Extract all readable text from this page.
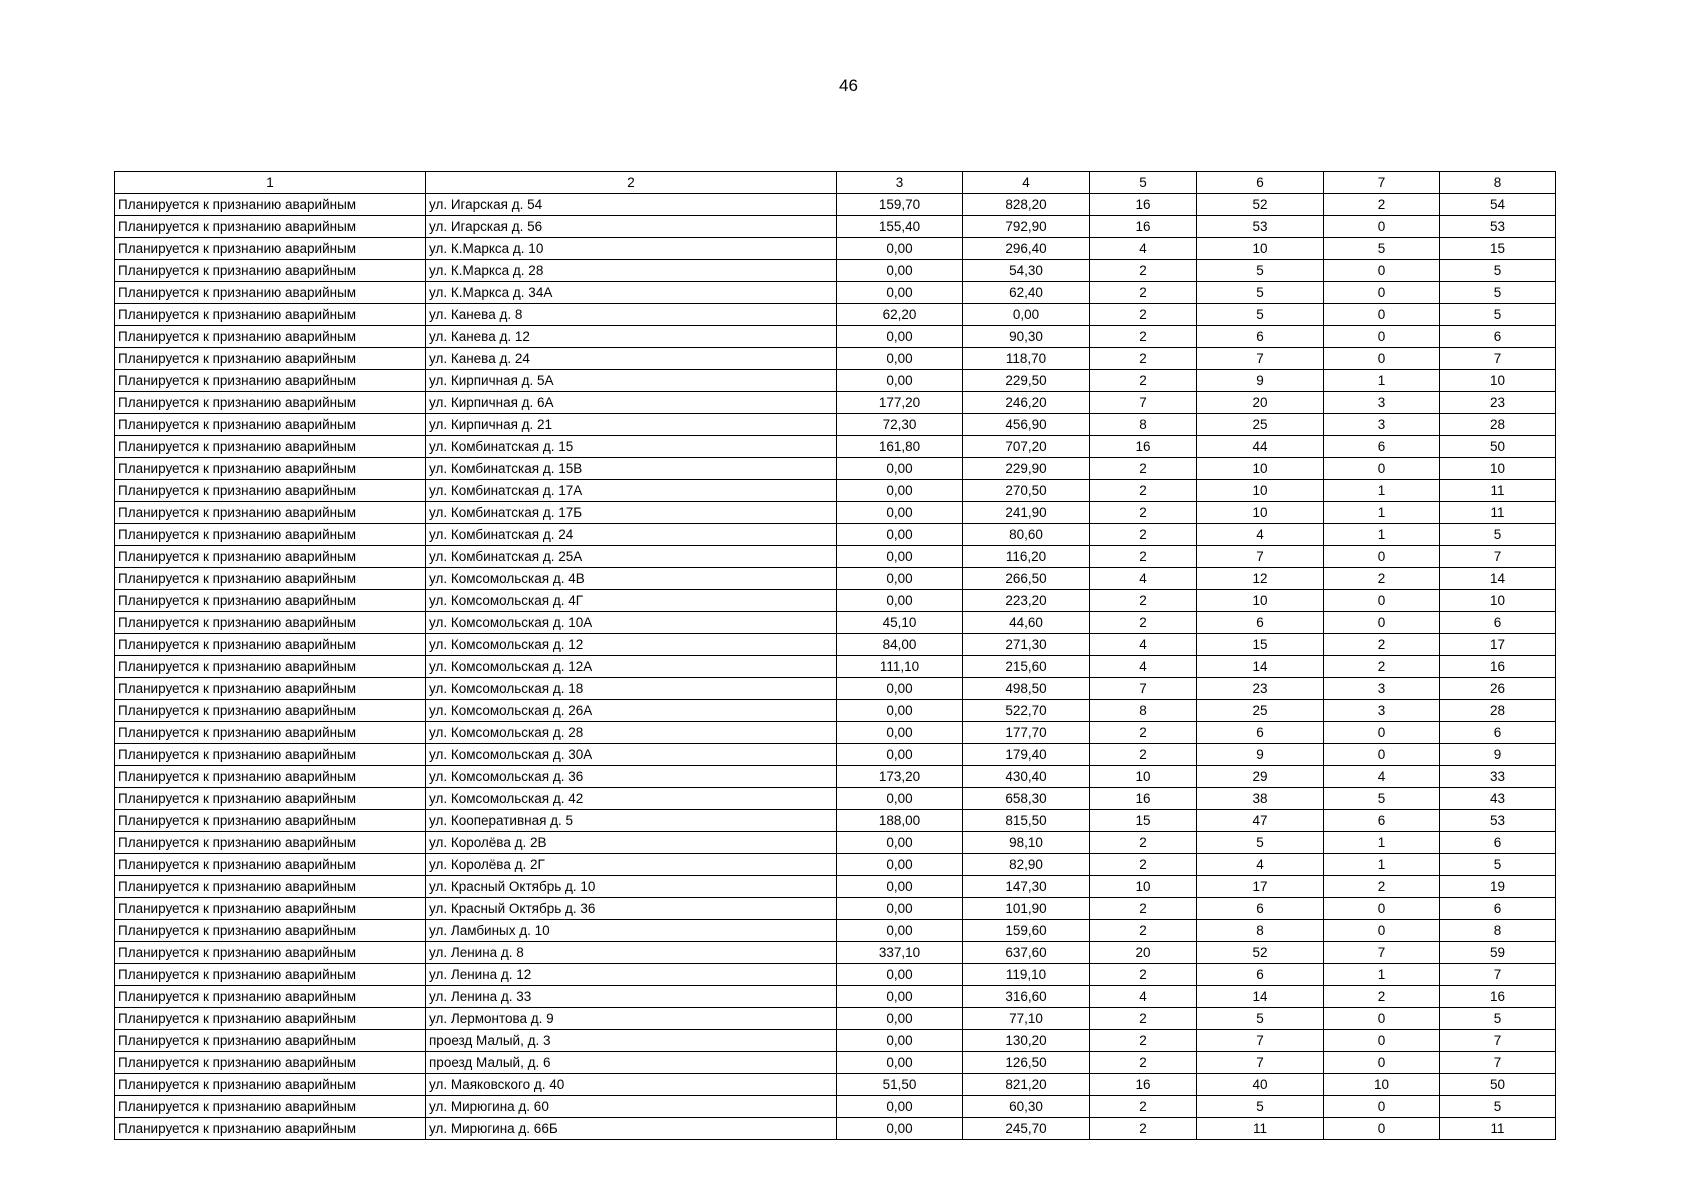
46
1	2	3	4	5	6	7	8
Планируется к признанию аварийным	ул. Игарская д. 54	159,70	828,20	16	52	2	54
Планируется к признанию аварийным	ул. Игарская д. 56	155,40	792,90	16	53	0	53
Планируется к признанию аварийным	ул. К.Маркса д. 10	0,00	296,40	4	10	5	15
Планируется к признанию аварийным	ул. К.Маркса д. 28	0,00	54,30	2	5	0	5
Планируется к признанию аварийным	ул. К.Маркса д. 34А	0,00	62,40	2	5	0	5
Планируется к признанию аварийным	ул. Канева д. 8	62,20	0,00	2	5	0	5
Планируется к признанию аварийным	ул. Канева д. 12	0,00	90,30	2	6	0	6
Планируется к признанию аварийным	ул. Канева д. 24	0,00	118,70	2	7	0	7
Планируется к признанию аварийным	ул. Кирпичная д. 5А	0,00	229,50	2	9	1	10
Планируется к признанию аварийным	ул. Кирпичная д. 6А	177,20	246,20	7	20	3	23
Планируется к признанию аварийным	ул. Кирпичная д. 21	72,30	456,90	8	25	3	28
Планируется к признанию аварийным	ул. Комбинатская д. 15	161,80	707,20	16	44	6	50
Планируется к признанию аварийным	ул. Комбинатская д. 15В	0,00	229,90	2	10	0	10
Планируется к признанию аварийным	ул. Комбинатская д. 17А	0,00	270,50	2	10	1	11
Планируется к признанию аварийным	ул. Комбинатская д. 17Б	0,00	241,90	2	10	1	11
Планируется к признанию аварийным	ул. Комбинатская д. 24	0,00	80,60	2	4	1	5
Планируется к признанию аварийным	ул. Комбинатская д. 25А	0,00	116,20	2	7	0	7
Планируется к признанию аварийным	ул. Комсомольская д. 4В	0,00	266,50	4	12	2	14
Планируется к признанию аварийным	ул. Комсомольская д. 4Г	0,00	223,20	2	10	0	10
Планируется к признанию аварийным	ул. Комсомольская д. 10А	45,10	44,60	2	6	0	6
Планируется к признанию аварийным	ул. Комсомольская д. 12	84,00	271,30	4	15	2	17
Планируется к признанию аварийным	ул. Комсомольская д. 12А	111,10	215,60	4	14	2	16
Планируется к признанию аварийным	ул. Комсомольская д. 18	0,00	498,50	7	23	3	26
Планируется к признанию аварийным	ул. Комсомольская д. 26А	0,00	522,70	8	25	3	28
Планируется к признанию аварийным	ул. Комсомольская д. 28	0,00	177,70	2	6	0	6
Планируется к признанию аварийным	ул. Комсомольская д. 30А	0,00	179,40	2	9	0	9
Планируется к признанию аварийным	ул. Комсомольская д. 36	173,20	430,40	10	29	4	33
Планируется к признанию аварийным	ул. Комсомольская д. 42	0,00	658,30	16	38	5	43
Планируется к признанию аварийным	ул. Кооперативная д. 5	188,00	815,50	15	47	6	53
Планируется к признанию аварийным	ул. Королёва д. 2В	0,00	98,10	2	5	1	6
Планируется к признанию аварийным	ул. Королёва д. 2Г	0,00	82,90	2	4	1	5
Планируется к признанию аварийным	ул. Красный Октябрь д. 10	0,00	147,30	10	17	2	19
Планируется к признанию аварийным	ул. Красный Октябрь д. 36	0,00	101,90	2	6	0	6
Планируется к признанию аварийным	ул. Ламбиных д. 10	0,00	159,60	2	8	0	8
Планируется к признанию аварийным	ул. Ленина д. 8	337,10	637,60	20	52	7	59
Планируется к признанию аварийным	ул. Ленина д. 12	0,00	119,10	2	6	1	7
Планируется к признанию аварийным	ул. Ленина д. 33	0,00	316,60	4	14	2	16
Планируется к признанию аварийным	ул. Лермонтова д. 9	0,00	77,10	2	5	0	5
Планируется к признанию аварийным	проезд Малый, д. 3	0,00	130,20	2	7	0	7
Планируется к признанию аварийным	проезд Малый, д. 6	0,00	126,50	2	7	0	7
Планируется к признанию аварийным	ул. Маяковского д. 40	51,50	821,20	16	40	10	50
Планируется к признанию аварийным	ул. Мирюгина д. 60	0,00	60,30	2	5	0	5
Планируется к признанию аварийным	ул. Мирюгина д. 66Б	0,00	245,70	2	11	0	11
